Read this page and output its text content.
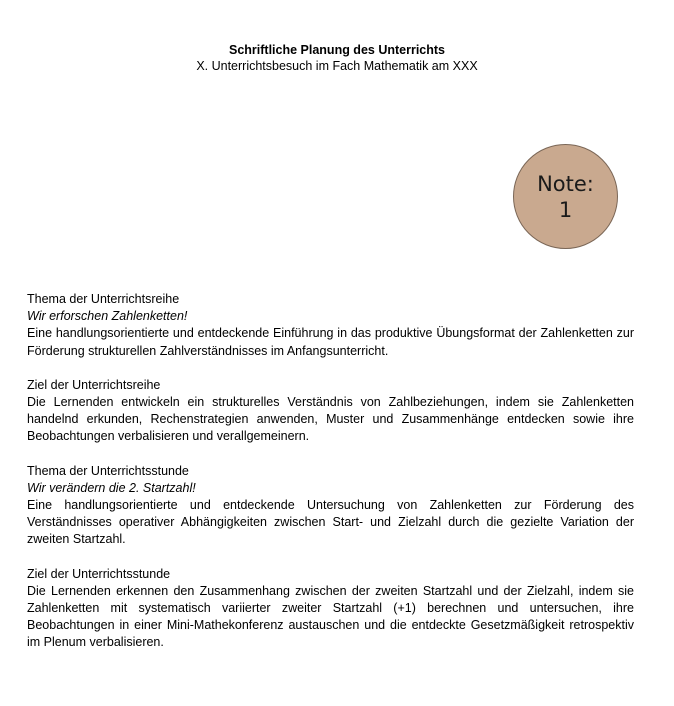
Schriftliche Planung des Unterrichts
X. Unterrichtsbesuch im Fach Mathematik am XXX
Note:
1
Thema der Unterrichtsreihe
Wir erforschen Zahlenketten!
Eine handlungsorientierte und entdeckende Einführung in das produktive Übungsformat der Zahlenketten zur Förderung strukturellen Zahlverständnisses im Anfangsunterricht.
Ziel der Unterrichtsreihe
Die Lernenden entwickeln ein strukturelles Verständnis von Zahlbeziehungen, indem sie Zahlenketten handelnd erkunden, Rechenstrategien anwenden, Muster und Zusammenhänge entdecken sowie ihre Beobachtungen verbalisieren und verallgemeinern.
Thema der Unterrichtsstunde
Wir verändern die 2. Startzahl!
Eine handlungsorientierte und entdeckende Untersuchung von Zahlenketten zur Förderung des Verständnisses operativer Abhängigkeiten zwischen Start- und Zielzahl durch die gezielte Variation der zweiten Startzahl.
Ziel der Unterrichtsstunde
Die Lernenden erkennen den Zusammenhang zwischen der zweiten Startzahl und der Zielzahl, indem sie Zahlenketten mit systematisch variierter zweiter Startzahl (+1) berechnen und untersuchen, ihre Beobachtungen in einer Mini-Mathekonferenz austauschen und die entdeckte Gesetzmäßigkeit retrospektiv im Plenum verbalisieren.
